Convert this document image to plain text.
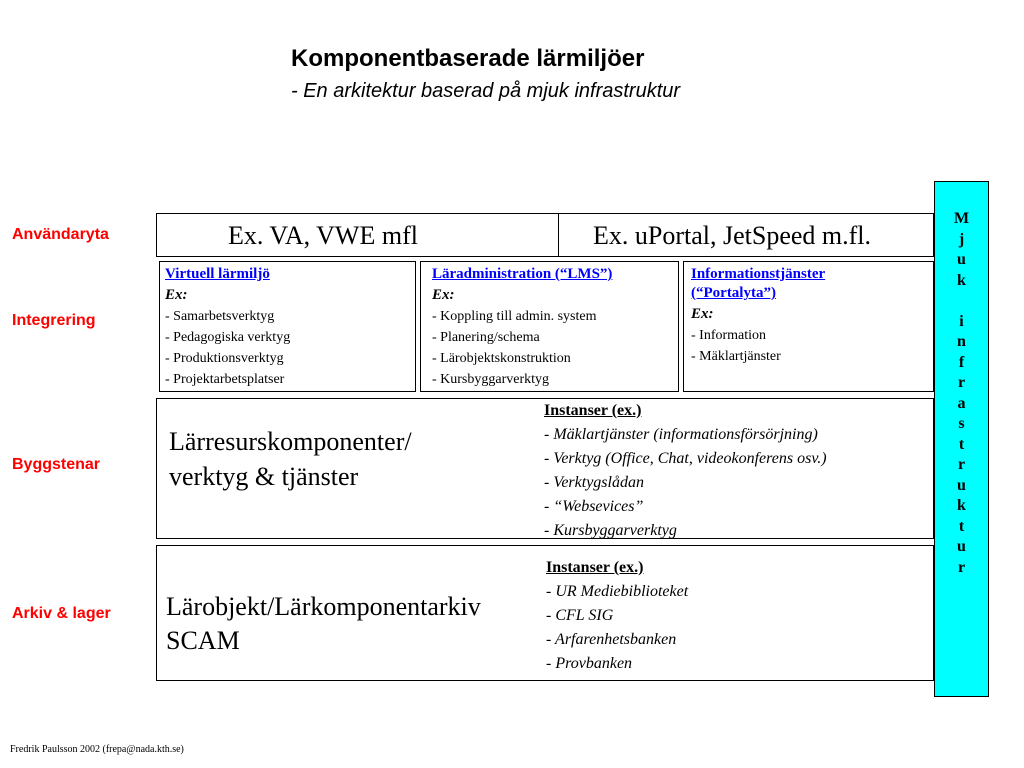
Komponentbaserade lärmiljöer
- En arkitektur baserad på mjuk infrastruktur
Användaryta
Integrering
Byggstenar
Arkiv & lager
Ex. VA, VWE mfl	Ex. uPortal, JetSpeed m.fl.
Virtuell lärmiljö
Ex:
- Samarbetsverktyg
- Pedagogiska verktyg
- Produktionsverktyg
- Projektarbetsplatser
Läradministration (“LMS”)
Ex:
- Koppling till admin. system
- Planering/schema
- Lärobjektskonstruktion
- Kursbyggarverktyg
Informationstjänster
(“Portalyta”)
Ex:
- Information
- Mäklartjänster
Lärresurskomponenter/
verktyg & tjänster
Instanser (ex.)
- Mäklartjänster (informationsförsörjning)
- Verktyg (Office, Chat, videokonferens osv.)
- Verktygslådan
- “Websevices”
- Kursbyggarverktyg
Lärobjekt/Lärkomponentarkiv
SCAM
Instanser (ex.)
- UR Mediebiblioteket
- CFL SIG
- Arfarenhetsbanken
- Provbanken
M
j
u
k
i
n
f
r
a
s
t
r
u
k
t
u
r
Fredrik Paulsson 2002 (frepa@nada.kth.se)
